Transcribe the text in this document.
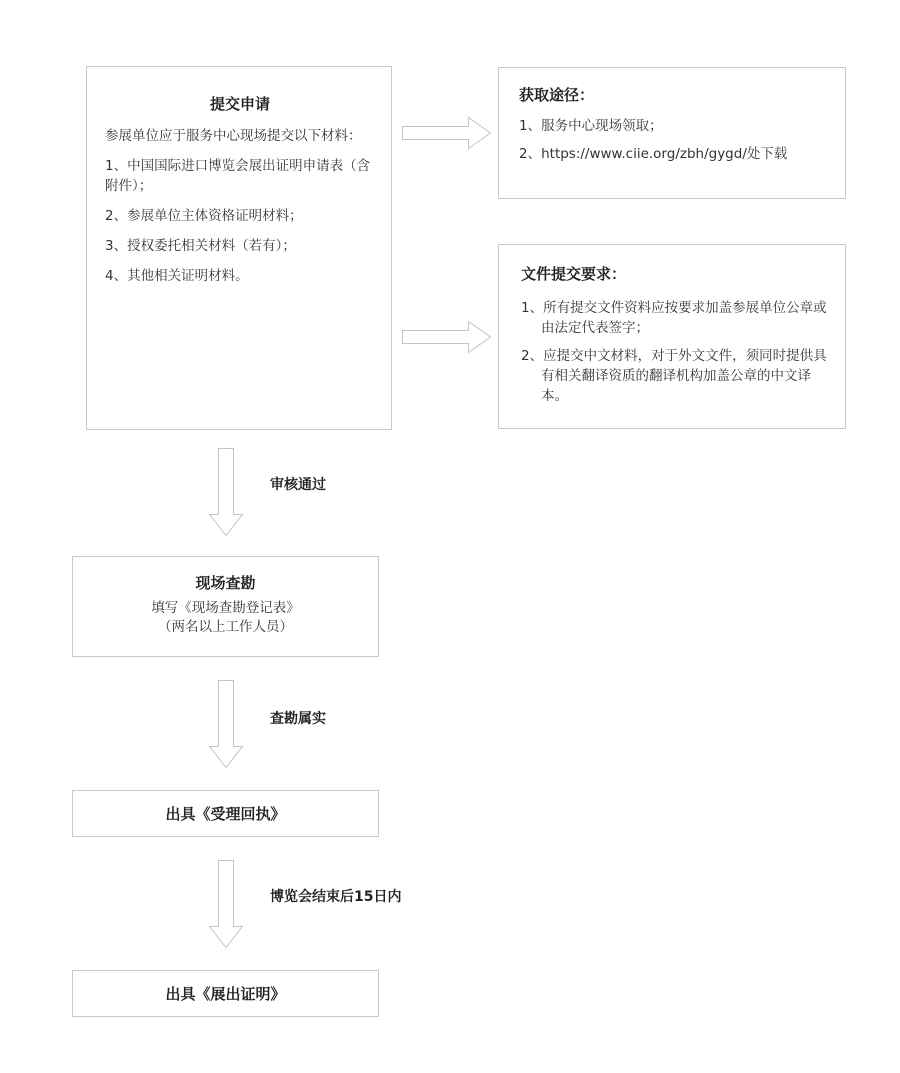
提交申请

参展单位应于服务中心现场提交以下材料：

1、中国国际进口博览会展出证明申请表（含附件）；

2、参展单位主体资格证明材料；

3、授权委托相关材料（若有）；

4、其他相关证明材料。

获取途径：

1、服务中心现场领取；

2、https://www.ciie.org/zbh/gygd/处下载

文件提交要求：

1、所有提交文件资料应按要求加盖参展单位公章或由法定代表签字；

2、应提交中文材料，对于外文文件，须同时提供具有相关翻译资质的翻译机构加盖公章的中文译本。

审核通过
现场查勘

填写《现场查勘登记表》

（两名以上工作人员）

查勘属实
出具《受理回执》
博览会结束后15日内
出具《展出证明》
